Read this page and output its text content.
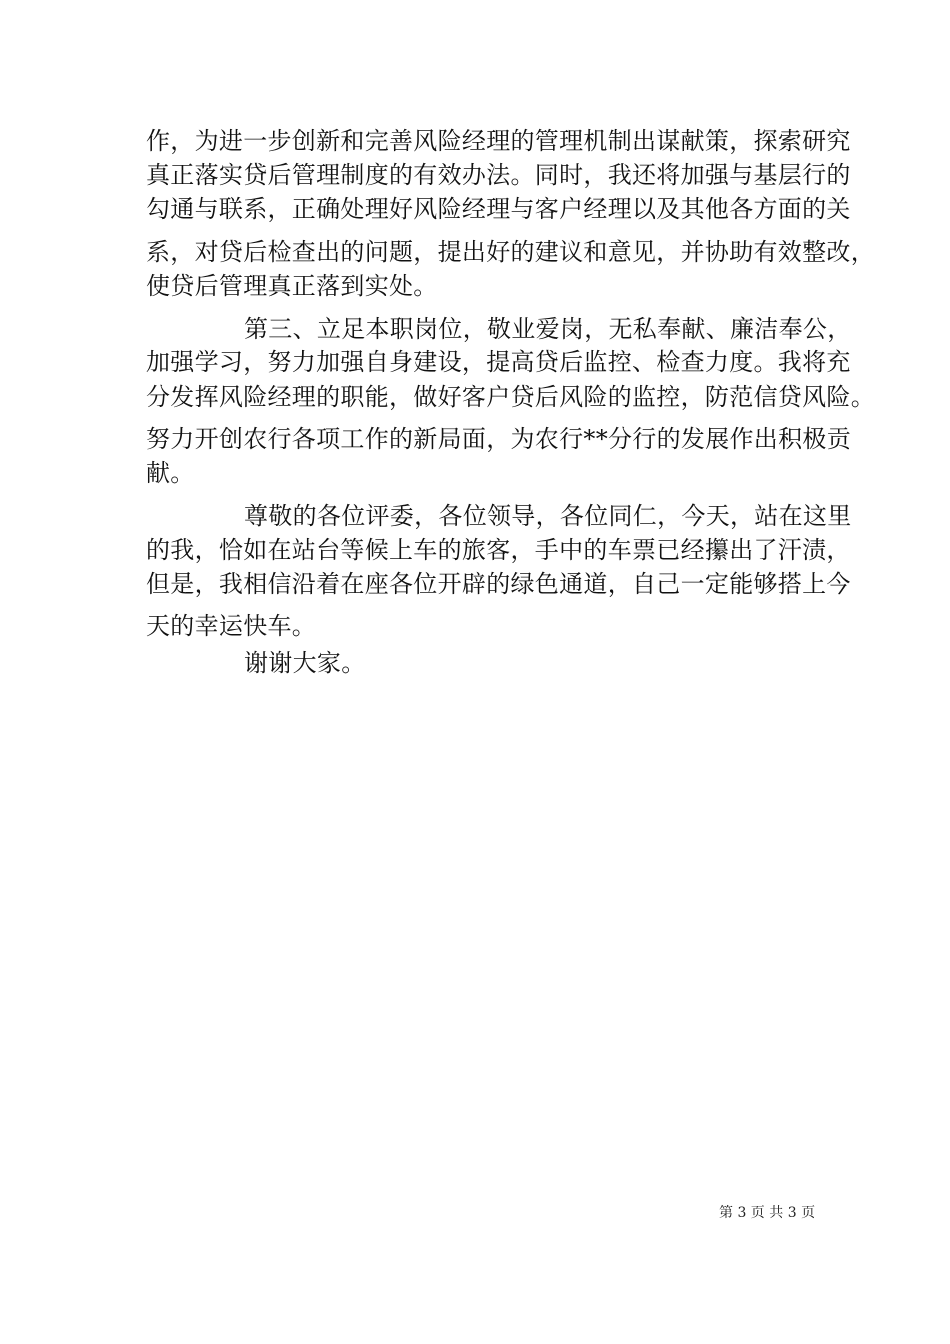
作，为进一步创新和完善风险经理的管理机制出谋献策，探索研究
真正落实贷后管理制度的有效办法。同时，我还将加强与基层行的
勾通与联系，正确处理好风险经理与客户经理以及其他各方面的关
系，对贷后检查出的问题，提出好的建议和意见，并协助有效整改，
使贷后管理真正落到实处。
第三、立足本职岗位，敬业爱岗，无私奉献、廉洁奉公，
加强学习，努力加强自身建设，提高贷后监控、检查力度。我将充
分发挥风险经理的职能，做好客户贷后风险的监控，防范信贷风险。
努力开创农行各项工作的新局面，为农行**分行的发展作出积极贡
献。
尊敬的各位评委，各位领导，各位同仁，今天，站在这里
的我，恰如在站台等候上车的旅客，手中的车票已经攥出了汗渍，
但是，我相信沿着在座各位开辟的绿色通道，自己一定能够搭上今
天的幸运快车。
谢谢大家。
第 3 页 共 3 页
